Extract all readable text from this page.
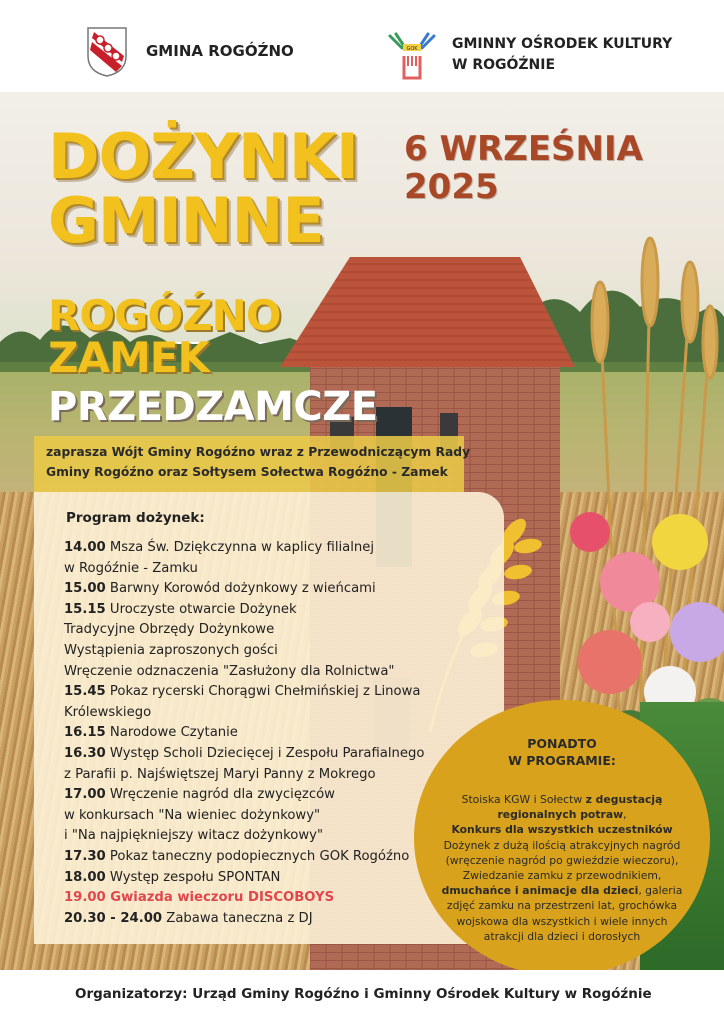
GMINA ROGÓŹNO	GOK GMINNY OŚRODEK KULTURY
W ROGÓŹNIE
DOŻYNKI
GMINNE
6 WRZEŚNIA
2025
ROGÓŹNO
ZAMEK
PRZEDZAMCZE
zaprasza Wójt Gminy Rogóźno wraz z Przewodniczącym Rady
Gminy Rogóźno oraz Sołtysem Sołectwa Rogóźno - Zamek
Program dożynek:
14.00 Msza Św. Dziękczynna w kaplicy filialnej
w Rogóźnie - Zamku
15.00 Barwny Korowód dożynkowy z wieńcami
15.15 Uroczyste otwarcie Dożynek
Tradycyjne Obrzędy Dożynkowe
Wystąpienia zaproszonych gości
Wręczenie odznaczenia "Zasłużony dla Rolnictwa"
15.45 Pokaz rycerski Chorągwi Chełmińskiej z Linowa
Królewskiego
16.15 Narodowe Czytanie
16.30 Występ Scholi Dziecięcej i Zespołu Parafialnego
z Parafii p. Najświętszej Maryi Panny z Mokrego
17.00 Wręczenie nagród dla zwycięzców
w konkursach "Na wieniec dożynkowy"
i "Na najpiękniejszy witacz dożynkowy"
17.30 Pokaz taneczny podopiecznych GOK Rogóźno
18.00 Występ zespołu SPONTAN
19.00 Gwiazda wieczoru DISCOBOYS
20.30 - 24.00 Zabawa taneczna z DJ
PONADTO
W PROGRAMIE:
Stoiska KGW i Sołectw z degustacją regionalnych potraw,
Konkurs dla wszystkich uczestników
Dożynek z dużą ilością atrakcyjnych nagród (wręczenie nagród po gwieździe wieczoru),
Zwiedzanie zamku z przewodnikiem,
dmuchańce i animacje dla dzieci, galeria zdjęć zamku na przestrzeni lat, grochówka wojskowa dla wszystkich i wiele innych atrakcji dla dzieci i dorosłych
Organizatorzy: Urząd Gminy Rogóźno i Gminny Ośrodek Kultury w Rogóźnie
